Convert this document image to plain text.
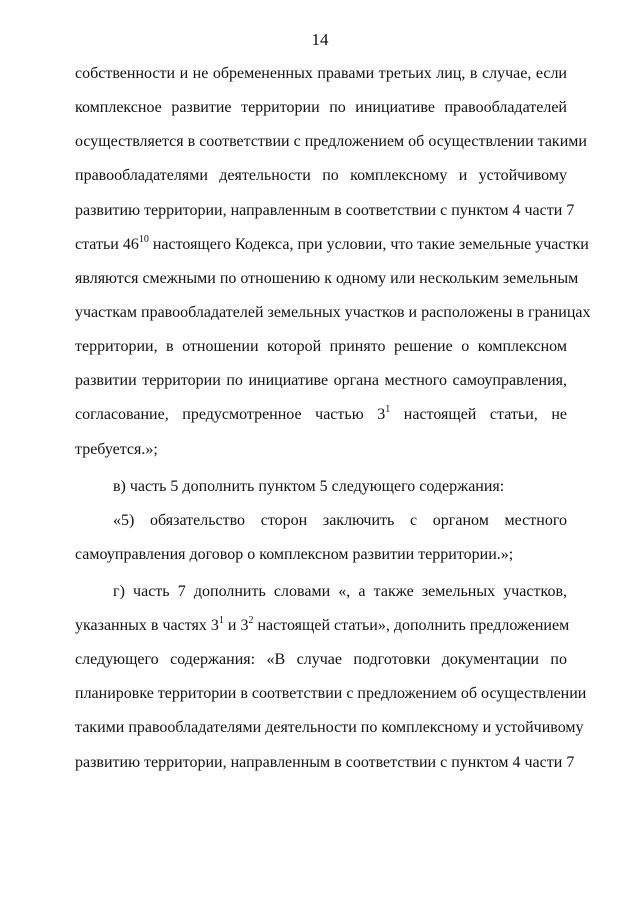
14
собственности и не обремененных правами третьих лиц, в случае, если
комплексное развитие территории по инициативе правообладателей
осуществляется в соответствии с предложением об осуществлении такими
правообладателями деятельности по комплексному и устойчивому
развитию территории, направленным в соответствии с пунктом 4 части 7
статьи $46^{10}$ настоящего Кодекса, при условии, что такие земельные участки
являются смежными по отношению к одному или нескольким земельным
участкам правообладателей земельных участков и расположены в границах
территории, в отношении которой принято решение о комплексном
развитии территории по инициативе органа местного самоуправления,
согласование, предусмотренное частью $3^1$ настоящей статьи, не
требуется.»;
в) часть 5 дополнить пунктом 5 следующего содержания:
«5) обязательство сторон заключить с органом местного
самоуправления договор о комплексном развитии территории.»;
г) часть 7 дополнить словами «, а также земельных участков,
указанных в частях $3^1$ и $3^2$ настоящей статьи», дополнить предложением
следующего содержания: «В случае подготовки документации по
планировке территории в соответствии с предложением об осуществлении
такими правообладателями деятельности по комплексному и устойчивому
развитию территории, направленным в соответствии с пунктом 4 части 7
